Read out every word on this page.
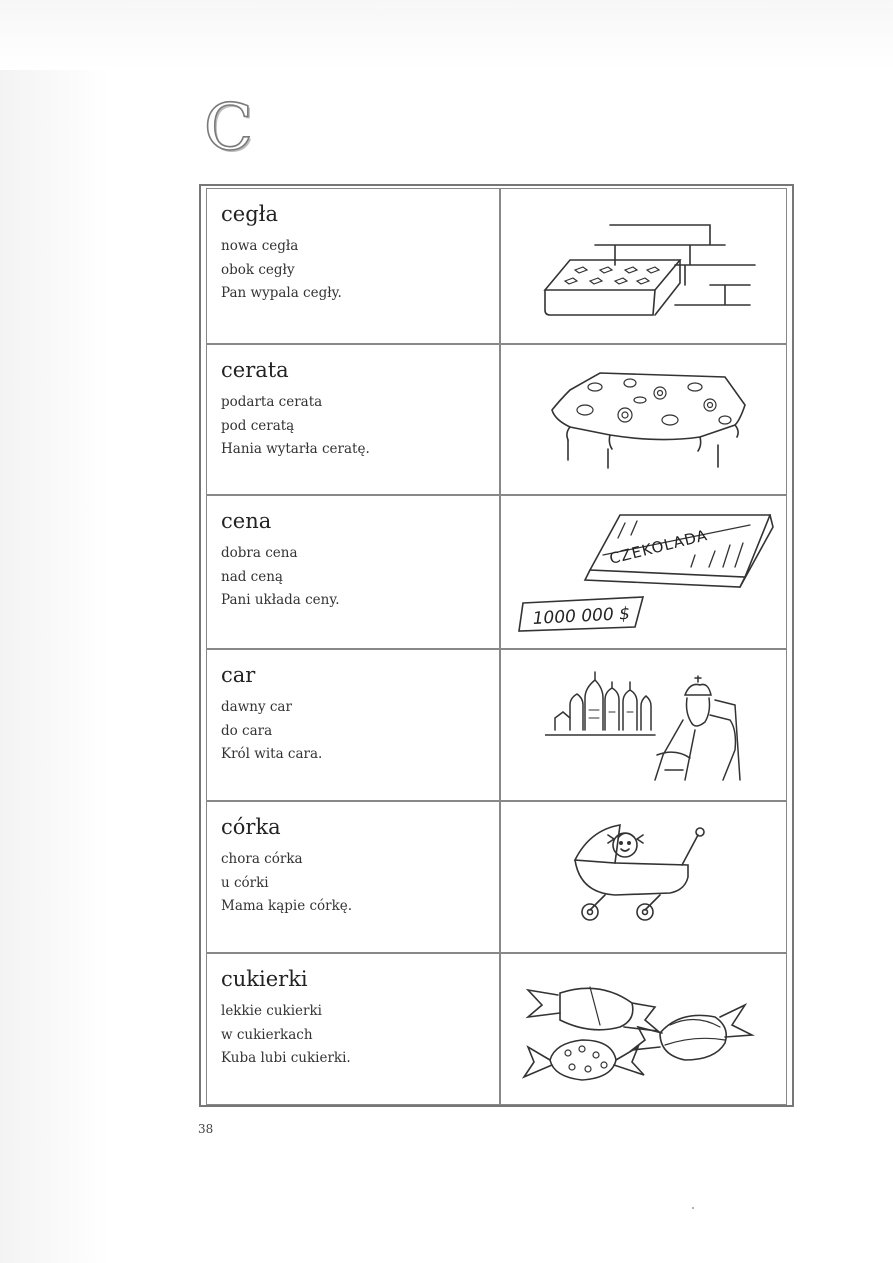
C
cegła
nowa cegła
obok cegły
Pan wypala cegły.
cerata
podarta cerata
pod ceratą
Hania wytarła ceratę.
cena
dobra cena
nad ceną
Pani układa ceny.
car
dawny car
do cara
Król wita cara.
córka
chora córka
u córki
Mama kąpie córkę.
cukierki
lekkie cukierki
w cukierkach
Kuba lubi cukierki.
CZEKOLADA
1000 000 $
38
